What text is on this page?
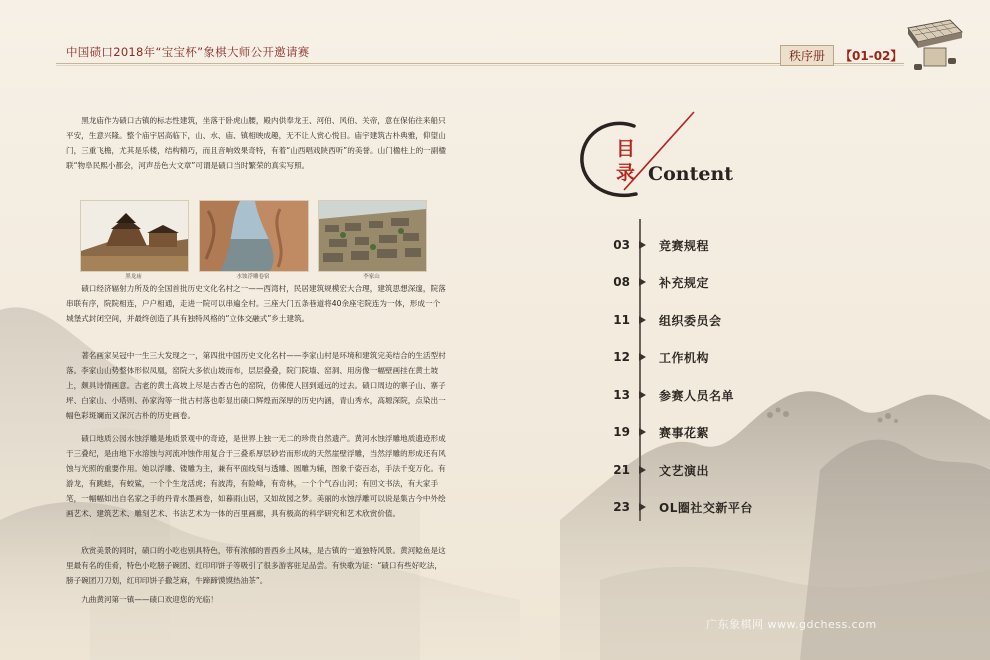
中国碛口2018年“宝宝杯”象棋大师公开邀请赛	秩序册	【01-02】

黑龙庙作为碛口古镇的标志性建筑，坐落于卧虎山腰，殿内供奉龙王、河伯、风伯、关帝，意在保佑往来船只平安，生意兴隆。整个庙宇居高临下，山、水、庙、镇相映成趣，无不让人赏心悦目。庙宇建筑古朴典雅，仰望山门，三重飞檐，尤其是乐楼，结构精巧，而且音响效果奇特，有着“山西唱戏陕西听”的美誉。山门楹柱上的一副楹联“物阜民熙小都会，河声岳色大文章”可谓是碛口当时繁荣的真实写照。

黑龙庙	水蚀浮雕卷宿	李家山

碛口经济辐射力所及的全国首批历史文化名村之一——西湾村，民居建筑规模宏大合理，建筑思想深邃，院落串联有序，院院相连，户户相通，走进一院可以串遍全村。三座大门五条巷道将40余座宅院连为一体，形成一个城堡式封闭空间，并最终创造了具有独特风格的“立体交融式”乡土建筑。

著名画家吴冠中一生三大发现之一，第四批中国历史文化名村——李家山村是环境和建筑完美结合的生活型村落。李家山山势整体形似凤凰，窑院大多依山坡而布，层层叠叠，院门院墙、窑洞、用房像一幅壁画挂在黄土坡上，颇具诗情画意。古老的黄土高坡上尽是古香古色的窑院，仿佛使人回到遥远的过去。碛口周边的寨子山、寨子坪、白家山、小塔则、孙家沟等一批古村落也彰显出碛口辉煌而深厚的历史内涵，青山秀水，高塬深院，点染出一幅色彩斑斓而又深沉古朴的历史画卷。

碛口地质公园水蚀浮雕是地质景观中的奇迹，是世界上独一无二的珍贵自然遗产。黄河水蚀浮雕地质遗迹形成于三叠纪，是由地下水溶蚀与河流冲蚀作用复合于三叠系厚层砂岩而形成的天然崖壁浮雕，当然浮雕的形成还有风蚀与光照的重要作用。她以浮雕、镂雕为主，兼有平面线刻与透雕、圆雕为辅，图象千姿百态，手法千变万化。有游龙，有跳蛙，有蛟鲨，一个个生龙活虎；有波涛，有险峰，有奇林，一个个气吞山河；有回文书法，有大家手笔，一幅幅如出自名家之手的丹青水墨画卷，如暮雨山居，又如故园之梦。美丽的水蚀浮雕可以说是集古今中外绘画艺术、建筑艺术、雕刻艺术、书法艺术为一体的百里画廊，具有极高的科学研究和艺术欣赏价值。

欣赏美景的同时，碛口的小吃也别具特色，带有浓郁的晋西乡土风味，是古镇的一道独特风景。黄河鲶鱼是这里最有名的佳肴，特色小吃膀子碗团、红印印饼子等吸引了很多游客驻足品尝。有快歌为证：“碛口有些好吃法，膀子碗团刀刀划，红印印饼子撒芝麻，牛蹄蹄馍馍热油茶”。

九曲黄河第一镇——碛口欢迎您的光临！

目
录 Content
03 竞赛规程
08 补充规定
11 组织委员会
12 工作机构
13 参赛人员名单
19 赛事花絮
21 文艺演出
23 OL圈社交新平台
广东象棋网 www.gdchess.com
